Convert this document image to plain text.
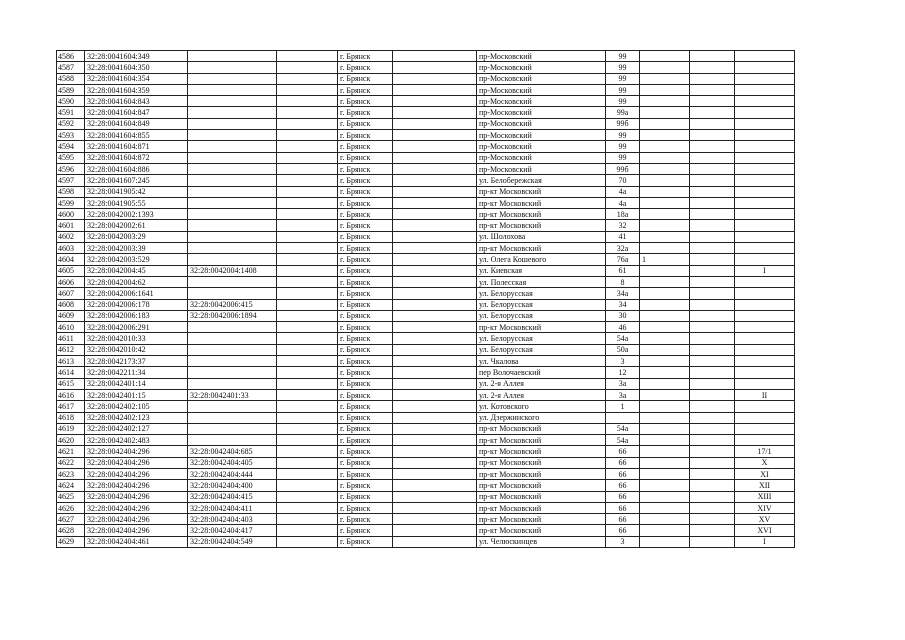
4586	32:28:0041604:349			г. Брянск		пр-Московский	99			
4587	32:28:0041604:350			г. Брянск		пр-Московский	99			
4588	32:28:0041604:354			г. Брянск		пр-Московский	99			
4589	32:28:0041604:359			г. Брянск		пр-Московский	99			
4590	32:28:0041604:843			г. Брянск		пр-Московский	99			
4591	32:28:0041604:847			г. Брянск		пр-Московский	99а			
4592	32:28:0041604:849			г. Брянск		пр-Московский	99б			
4593	32:28:0041604:855			г. Брянск		пр-Московский	99			
4594	32:28:0041604:871			г. Брянск		пр-Московский	99			
4595	32:28:0041604:872			г. Брянск		пр-Московский	99			
4596	32:28:0041604:886			г. Брянск		пр-Московский	99б			
4597	32:28:0041607:245			г. Брянск		ул. Белобережская	70			
4598	32:28:0041905:42			г. Брянск		пр-кт Московский	4а			
4599	32:28:0041905:55			г. Брянск		пр-кт Московский	4а			
4600	32:28:0042002:1393			г. Брянск		пр-кт Московский	18а			
4601	32:28:0042002:61			г. Брянск		пр-кт Московский	32			
4602	32:28:0042003:29			г. Брянск		ул. Шолохова	41			
4603	32:28:0042003:39			г. Брянск		пр-кт Московский	32а			
4604	32:28:0042003:529			г. Брянск		ул. Олега Кошевого	76а	1		
4605	32:28:0042004:45	32:28:0042004:1408		г. Брянск		ул. Киевская	61			I
4606	32:28:0042004:62			г. Брянск		ул. Полесская	8			
4607	32:28:0042006:1641			г. Брянск		ул. Белорусская	34а			
4608	32:28:0042006:178	32:28:0042006:415		г. Брянск		ул. Белорусская	34			
4609	32:28:0042006:183	32:28:0042006:1894		г. Брянск		ул. Белорусская	30			
4610	32:28:0042006:291			г. Брянск		пр-кт Московский	46			
4611	32:28:0042010:33			г. Брянск		ул. Белорусская	54а			
4612	32:28:0042010:42			г. Брянск		ул. Белорусская	50а			
4613	32:28:0042173:37			г. Брянск		ул. Чкалова	3			
4614	32:28:0042211:34			г. Брянск		пер Волочаевский	12			
4615	32:28:0042401:14			г. Брянск		ул. 2-я Аллея	3а			
4616	32:28:0042401:15	32:28:0042401:33		г. Брянск		ул. 2-я Аллея	3а			II
4617	32:28:0042402:105			г. Брянск		ул. Котовского	1			
4618	32:28:0042402:123			г. Брянск		ул. Дзержинского				
4619	32:28:0042402:127			г. Брянск		пр-кт Московский	54а			
4620	32:28:0042402:483			г. Брянск		пр-кт Московский	54а			
4621	32:28:0042404:296	32:28:0042404:685		г. Брянск		пр-кт Московский	66			17/1
4622	32:28:0042404:296	32:28:0042404:405		г. Брянск		пр-кт Московский	66			X
4623	32:28:0042404:296	32:28:0042404:444		г. Брянск		пр-кт Московский	66			XI
4624	32:28:0042404:296	32:28:0042404:400		г. Брянск		пр-кт Московский	66			XII
4625	32:28:0042404:296	32:28:0042404:415		г. Брянск		пр-кт Московский	66			XIII
4626	32:28:0042404:296	32:28:0042404:411		г. Брянск		пр-кт Московский	66			XIV
4627	32:28:0042404:296	32:28:0042404:403		г. Брянск		пр-кт Московский	66			XV
4628	32:28:0042404:296	32:28:0042404:417		г. Брянск		пр-кт Московский	66			XVI
4629	32:28:0042404:461	32:28:0042404:549		г. Брянск		ул. Челюскинцев	3			I
